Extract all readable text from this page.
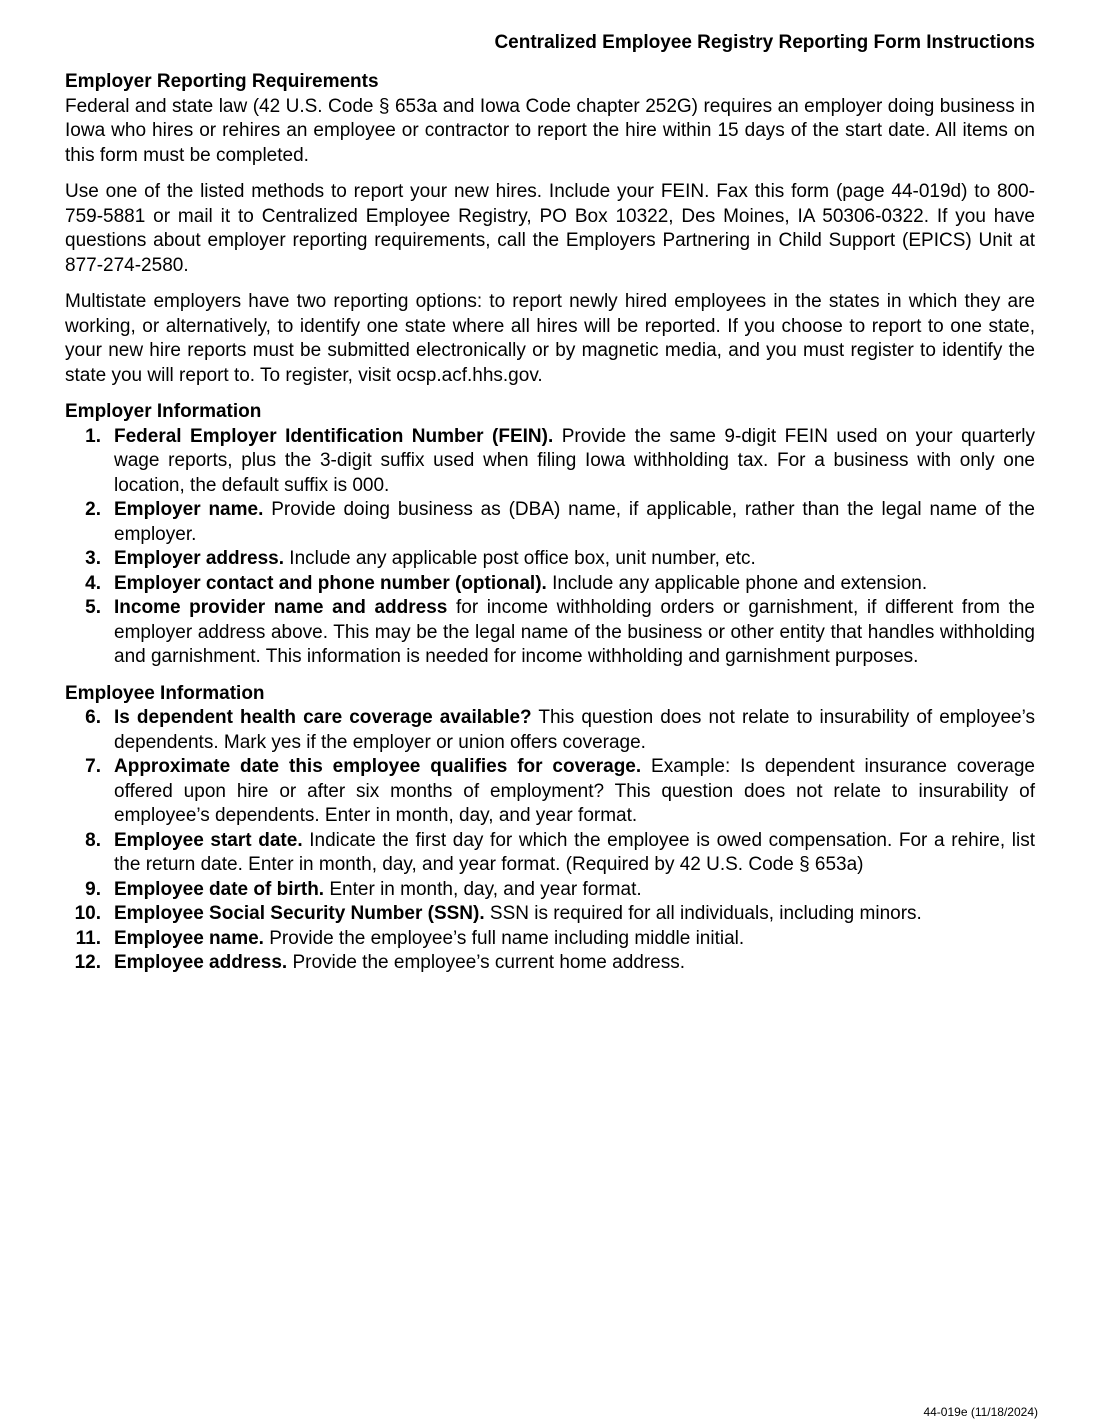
Centralized Employee Registry Reporting Form Instructions
Employer Reporting Requirements

Federal and state law (42 U.S. Code § 653a and Iowa Code chapter 252G) requires an employer doing business in Iowa who hires or rehires an employee or contractor to report the hire within 15 days of the start date. All items on this form must be completed.

Use one of the listed methods to report your new hires. Include your FEIN. Fax this form (page 44-019d) to 800-759-5881 or mail it to Centralized Employee Registry, PO Box 10322, Des Moines, IA 50306-0322. If you have questions about employer reporting requirements, call the Employers Partnering in Child Support (EPICS) Unit at 877-274-2580.

Multistate employers have two reporting options: to report newly hired employees in the states in which they are working, or alternatively, to identify one state where all hires will be reported. If you choose to report to one state, your new hire reports must be submitted electronically or by magnetic media, and you must register to identify the state you will report to. To register, visit ocsp.acf.hhs.gov.

Employer Information
1. Federal Employer Identification Number (FEIN). Provide the same 9-digit FEIN used on your quarterly wage reports, plus the 3-digit suffix used when filing Iowa withholding tax. For a business with only one location, the default suffix is 000.
2. Employer name. Provide doing business as (DBA) name, if applicable, rather than the legal name of the employer.
3. Employer address. Include any applicable post office box, unit number, etc.
4. Employer contact and phone number (optional). Include any applicable phone and extension.
5. Income provider name and address for income withholding orders or garnishment, if different from the employer address above. This may be the legal name of the business or other entity that handles withholding and garnishment. This information is needed for income withholding and garnishment purposes.
Employee Information
6. Is dependent health care coverage available? This question does not relate to insurability of employee’s dependents. Mark yes if the employer or union offers coverage.
7. Approximate date this employee qualifies for coverage. Example: Is dependent insurance coverage offered upon hire or after six months of employment? This question does not relate to insurability of employee’s dependents. Enter in month, day, and year format.
8. Employee start date. Indicate the first day for which the employee is owed compensation. For a rehire, list the return date. Enter in month, day, and year format. (Required by 42 U.S. Code § 653a)
9. Employee date of birth. Enter in month, day, and year format.
10. Employee Social Security Number (SSN). SSN is required for all individuals, including minors.
11. Employee name. Provide the employee’s full name including middle initial.
12. Employee address. Provide the employee’s current home address.
44-019e (11/18/2024)
